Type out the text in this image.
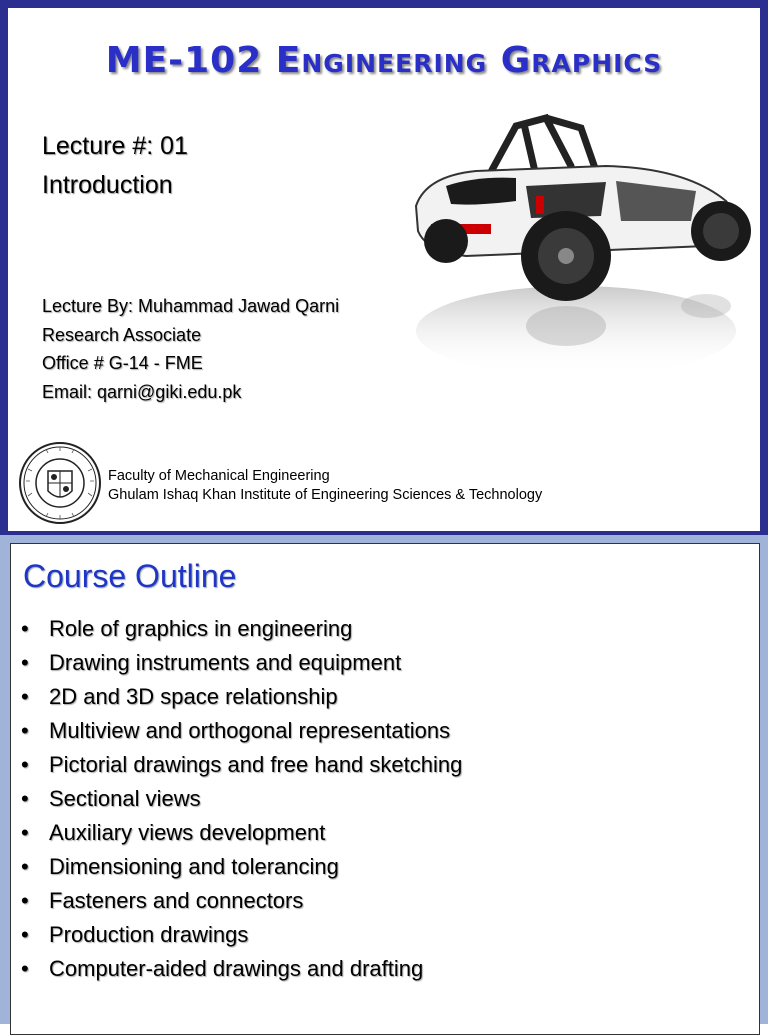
ME-102 Engineering Graphics
Lecture #: 01
Introduction
Lecture By: Muhammad Jawad Qarni
Research Associate
Office # G-14 - FME
Email: qarni@giki.edu.pk
Faculty of Mechanical Engineering
Ghulam Ishaq Khan Institute of Engineering Sciences & Technology
Course Outline
• Role of graphics in engineering
• Drawing instruments and equipment
• 2D and 3D space relationship
• Multiview and orthogonal representations
• Pictorial drawings and free hand sketching
• Sectional views
• Auxiliary views development
• Dimensioning and tolerancing
• Fasteners and connectors
• Production drawings
• Computer-aided drawings and drafting
